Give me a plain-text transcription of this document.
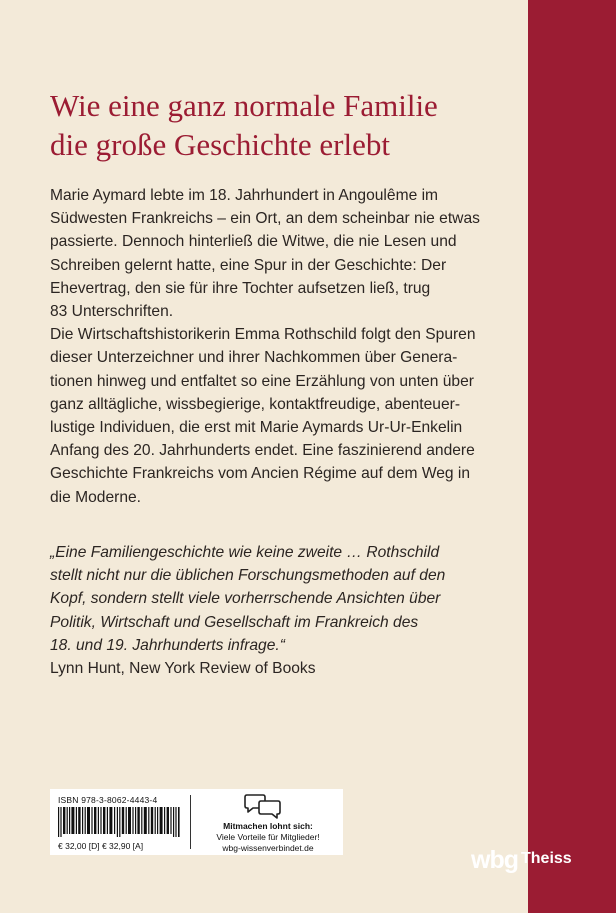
Wie eine ganz normale Familie
die große Geschichte erlebt
Marie Aymard lebte im 18. Jahrhundert in Angoulême im
Südwesten Frankreichs – ein Ort, an dem scheinbar nie etwas
passierte. Dennoch hinterließ die Witwe, die nie Lesen und
Schreiben gelernt hatte, eine Spur in der Geschichte: Der
Ehevertrag, den sie für ihre Tochter aufsetzen ließ, trug
83 Unterschriften.
Die Wirtschaftshistorikerin Emma Rothschild folgt den Spuren
dieser Unterzeichner und ihrer Nachkommen über Genera-
tionen hinweg und entfaltet so eine Erzählung von unten über
ganz alltägliche, wissbegierige, kontaktfreudige, abenteuer-
lustige Individuen, die erst mit Marie Aymards Ur-Ur-Enkelin
Anfang des 20. Jahrhunderts endet. Eine faszinierend andere
Geschichte Frankreichs vom Ancien Régime auf dem Weg in
die Moderne.
„Eine Familiengeschichte wie keine zweite … Rothschild
stellt nicht nur die üblichen Forschungsmethoden auf den
Kopf, sondern stellt viele vorherrschende Ansichten über
Politik, Wirtschaft und Gesellschaft im Frankreich des
18. und 19. Jahrhunderts infrage.“
Lynn Hunt, New York Review of Books
ISBN 978-3-8062-4443-4
€ 32,00 [D] € 32,90 [A]
Mitmachen lohnt sich:
Viele Vorteile für Mitglieder!
wbg-wissenverbindet.de	wbg Theiss
